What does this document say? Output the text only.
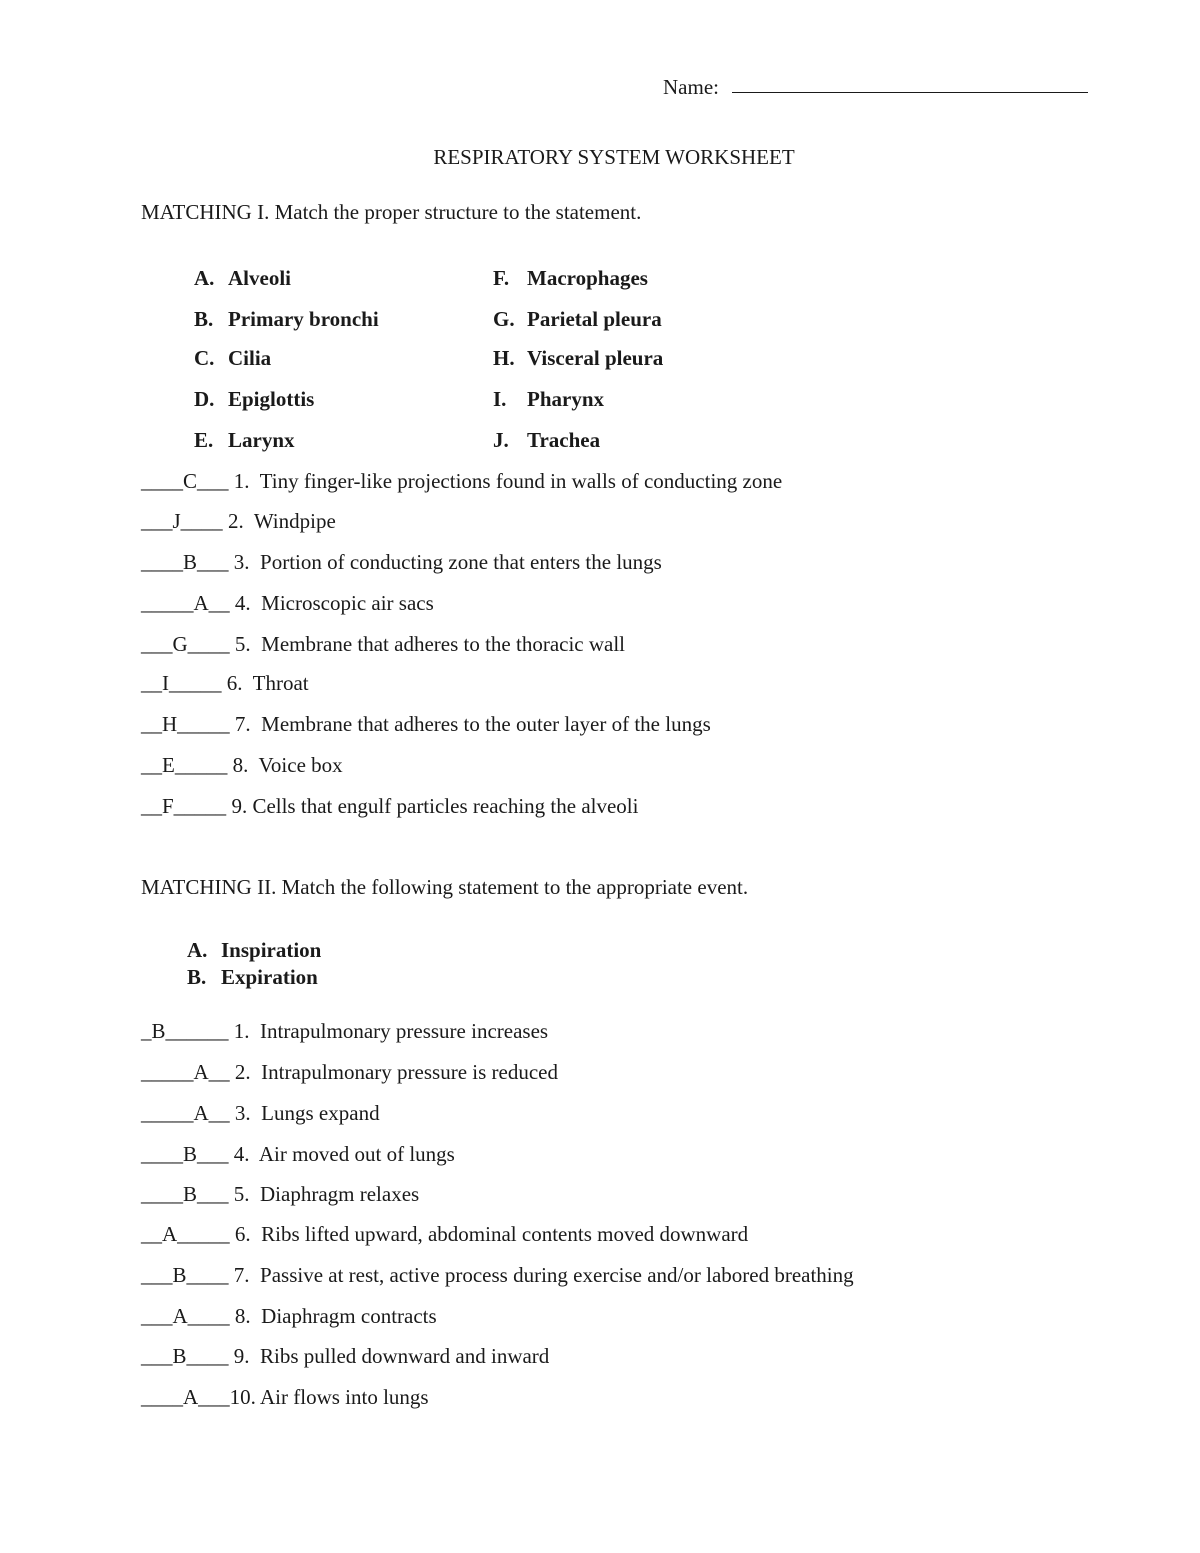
Name:
RESPIRATORY SYSTEM WORKSHEET
MATCHING I. Match the proper structure to the statement.
A. Alveoli
B. Primary bronchi
C. Cilia
D. Epiglottis
E. Larynx
F. Macrophages
G. Parietal pleura
H. Visceral pleura
I. Pharynx
J. Trachea
____C___ 1. Tiny finger-like projections found in walls of conducting zone
___J____ 2. Windpipe
____B___ 3. Portion of conducting zone that enters the lungs
_____A__ 4. Microscopic air sacs
___G____ 5. Membrane that adheres to the thoracic wall
__I_____ 6. Throat
__H_____ 7. Membrane that adheres to the outer layer of the lungs
__E_____ 8. Voice box
__F_____ 9. Cells that engulf particles reaching the alveoli
MATCHING II. Match the following statement to the appropriate event.
A. Inspiration
B. Expiration
_B______ 1. Intrapulmonary pressure increases
_____A__ 2. Intrapulmonary pressure is reduced
_____A__ 3. Lungs expand
____B___ 4. Air moved out of lungs
____B___ 5. Diaphragm relaxes
__A_____ 6. Ribs lifted upward, abdominal contents moved downward
___B____ 7. Passive at rest, active process during exercise and/or labored breathing
___A____ 8. Diaphragm contracts
___B____ 9. Ribs pulled downward and inward
____A___10. Air flows into lungs
